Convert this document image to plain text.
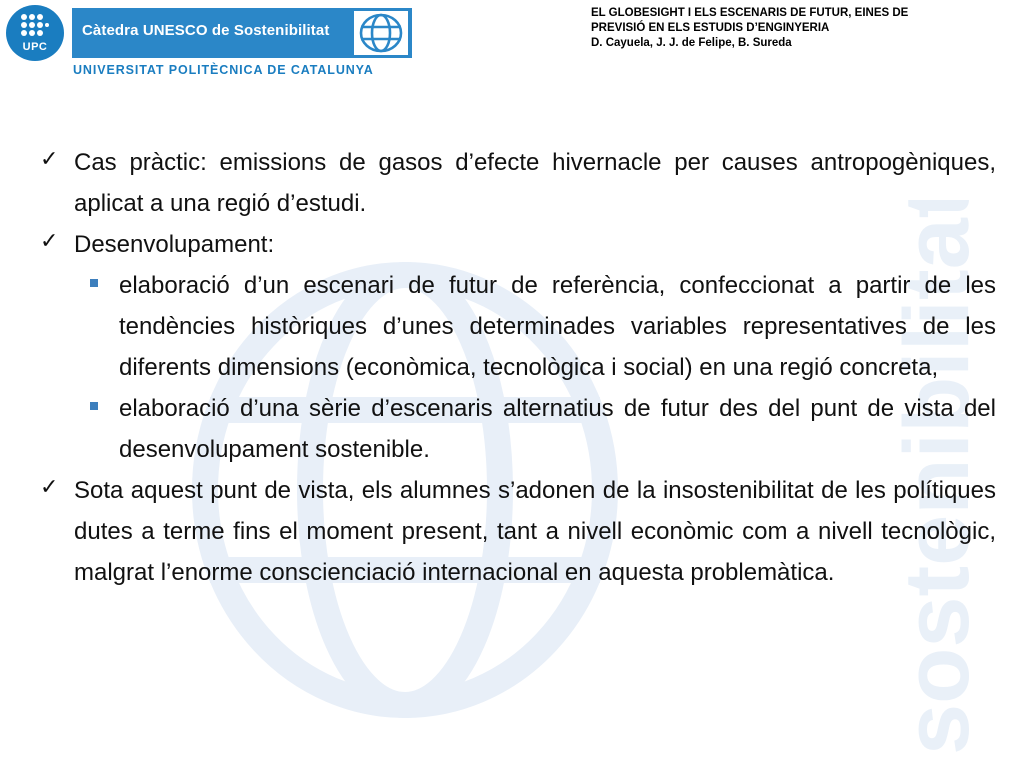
sostenibilitat
UPC
Càtedra UNESCO de Sostenibilitat
UNIVERSITAT POLITÈCNICA DE CATALUNYA
EL GLOBESIGHT I ELS ESCENARIS DE FUTUR, EINES DE
PREVISIÓ EN ELS ESTUDIS D’ENGINYERIA
D. Cayuela, J. J. de Felipe, B. Sureda
✓ Cas pràctic: emissions de gasos d’efecte hivernacle per causes antropogèniques, aplicat a una regió d’estudi.
✓ Desenvolupament:
elaboració d’un escenari de futur de referència, confeccionat a partir de les tendències històriques d’unes determinades variables representatives de les diferents dimensions (econòmica, tecnològica i social) en una regió concreta,
elaboració d’una sèrie d’escenaris alternatius de futur des del punt de vista del desenvolupament sostenible.
✓ Sota aquest punt de vista, els alumnes s’adonen de la insostenibilitat de les polítiques dutes a terme fins el moment present, tant a nivell econòmic com a nivell tecnològic, malgrat l’enorme conscienciació internacional en aquesta problemàtica.
